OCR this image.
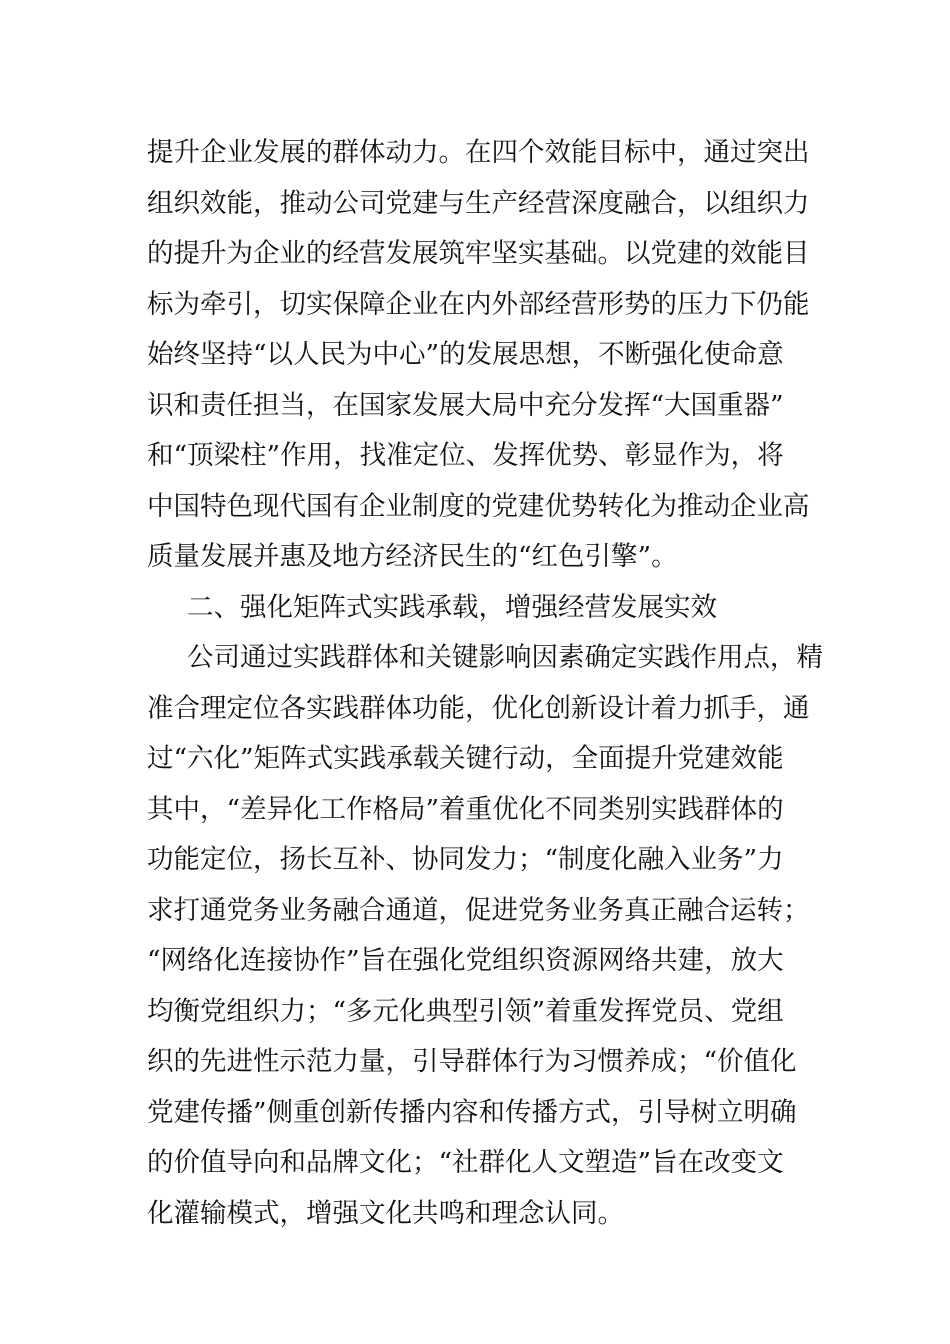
提升企业发展的群体动力。在四个效能目标中，通过突出
组织效能，推动公司党建与生产经营深度融合，以组织力
的提升为企业的经营发展筑牢坚实基础。以党建的效能目
标为牵引，切实保障企业在内外部经营形势的压力下仍能
始终坚持“以人民为中心”的发展思想，不断强化使命意
识和责任担当，在国家发展大局中充分发挥“大国重器”
和“顶梁柱”作用，找准定位、发挥优势、彰显作为，将
中国特色现代国有企业制度的党建优势转化为推动企业高
质量发展并惠及地方经济民生的“红色引擎”。
二、强化矩阵式实践承载，增强经营发展实效
公司通过实践群体和关键影响因素确定实践作用点，精
准合理定位各实践群体功能，优化创新设计着力抓手，通
过“六化”矩阵式实践承载关键行动，全面提升党建效能
其中，“差异化工作格局”着重优化不同类别实践群体的
功能定位，扬长互补、协同发力；“制度化融入业务”力
求打通党务业务融合通道，促进党务业务真正融合运转；
“网络化连接协作”旨在强化党组织资源网络共建，放大
均衡党组织力；“多元化典型引领”着重发挥党员、党组
织的先进性示范力量，引导群体行为习惯养成；“价值化
党建传播”侧重创新传播内容和传播方式，引导树立明确
的价值导向和品牌文化；“社群化人文塑造”旨在改变文
化灌输模式，增强文化共鸣和理念认同。
